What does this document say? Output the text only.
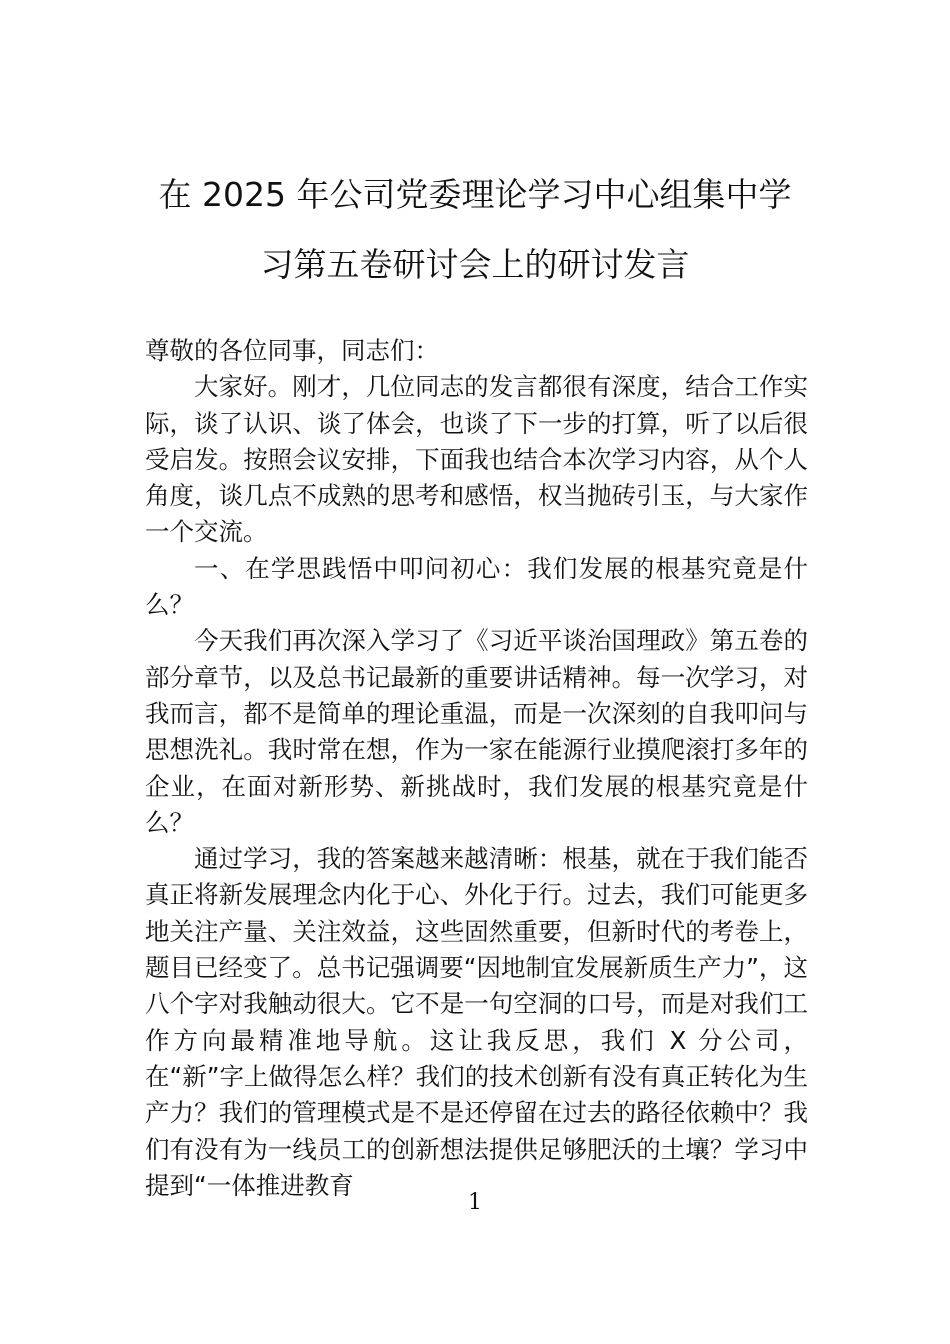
在 2025 年公司党委理论学习中心组集中学
习第五卷研讨会上的研讨发言

尊敬的各位同事，同志们：

大家好。刚才，几位同志的发言都很有深度，结合工作实际，谈了认识、谈了体会，也谈了下一步的打算，听了以后很受启发。按照会议安排，下面我也结合本次学习内容，从个人角度，谈几点不成熟的思考和感悟，权当抛砖引玉，与大家作一个交流。

一、在学思践悟中叩问初心：我们发展的根基究竟是什么？

今天我们再次深入学习了《习近平谈治国理政》第五卷的部分章节，以及总书记最新的重要讲话精神。每一次学习，对我而言，都不是简单的理论重温，而是一次深刻的自我叩问与思想洗礼。我时常在想，作为一家在能源行业摸爬滚打多年的企业，在面对新形势、新挑战时，我们发展的根基究竟是什么？

通过学习，我的答案越来越清晰：根基，就在于我们能否真正将新发展理念内化于心、外化于行。过去，我们可能更多地关注产量、关注效益，这些固然重要，但新时代的考卷上，题目已经变了。总书记强调要“因地制宜发展新质生产力”，这八个字对我触动很大。它不是一句空洞的口号，而是对我们工作方向最精准地导航。这让我反思，我们 X 分公司，在“新”字上做得怎么样？我们的技术创新有没有真正转化为生产力？我们的管理模式是不是还停留在过去的路径依赖中？我们有没有为一线员工的创新想法提供足够肥沃的土壤？学习中提到“一体推进教育

1
